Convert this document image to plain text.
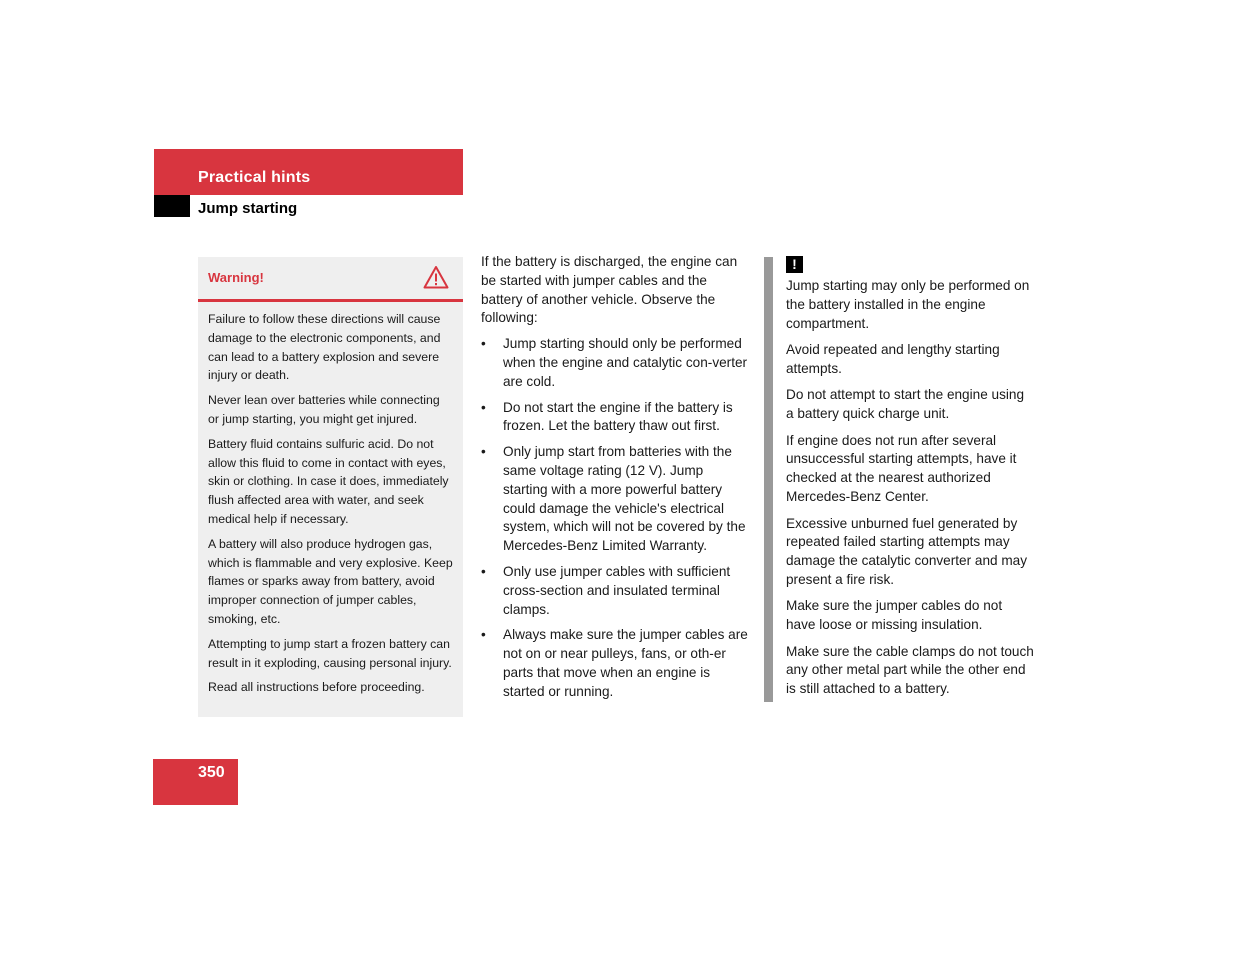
Practical hints
Jump starting
Warning!

Failure to follow these directions will cause damage to the electronic components, and can lead to a battery explosion and severe injury or death.

Never lean over batteries while connecting or jump starting, you might get injured.

Battery fluid contains sulfuric acid. Do not allow this fluid to come in contact with eyes, skin or clothing. In case it does, immediately flush affected area with water, and seek medical help if necessary.

A battery will also produce hydrogen gas, which is flammable and very explosive. Keep flames or sparks away from battery, avoid improper connection of jumper cables, smoking, etc.

Attempting to jump start a frozen battery can result in it exploding, causing personal injury.

Read all instructions before proceeding.

If the battery is discharged, the engine can be started with jumper cables and the battery of another vehicle. Observe the following:

•	Jump starting should only be performed when the engine and catalytic con-verter are cold.
•	Do not start the engine if the battery is frozen. Let the battery thaw out first.
•	Only jump start from batteries with the same voltage rating (12 V). Jump starting with a more powerful battery could damage the vehicle's electrical system, which will not be covered by the Mercedes-Benz Limited Warranty.
•	Only use jumper cables with sufficient cross-section and insulated terminal clamps.
•	Always make sure the jumper cables are not on or near pulleys, fans, or oth-er parts that move when an engine is started or running.
!

Jump starting may only be performed on the battery installed in the engine compartment.

Avoid repeated and lengthy starting attempts.

Do not attempt to start the engine using a battery quick charge unit.

If engine does not run after several unsuccessful starting attempts, have it checked at the nearest authorized Mercedes-Benz Center.

Excessive unburned fuel generated by repeated failed starting attempts may damage the catalytic converter and may present a fire risk.

Make sure the jumper cables do not have loose or missing insulation.

Make sure the cable clamps do not touch any other metal part while the other end is still attached to a battery.

350
